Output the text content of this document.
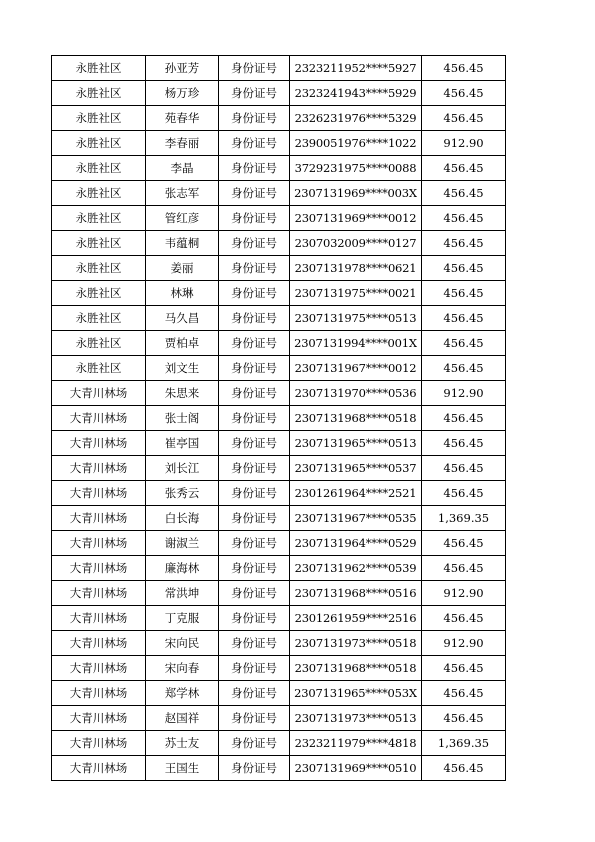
永胜社区	孙亚芳	身份证号	2323211952****5927	456.45
永胜社区	杨万珍	身份证号	2323241943****5929	456.45
永胜社区	苑春华	身份证号	2326231976****5329	456.45
永胜社区	李春丽	身份证号	2390051976****1022	912.90
永胜社区	李晶	身份证号	3729231975****0088	456.45
永胜社区	张志军	身份证号	2307131969****003X	456.45
永胜社区	管红彦	身份证号	2307131969****0012	456.45
永胜社区	韦蕴桐	身份证号	2307032009****0127	456.45
永胜社区	姜丽	身份证号	2307131978****0621	456.45
永胜社区	林琳	身份证号	2307131975****0021	456.45
永胜社区	马久昌	身份证号	2307131975****0513	456.45
永胜社区	贾柏卓	身份证号	2307131994****001X	456.45
永胜社区	刘文生	身份证号	2307131967****0012	456.45
大青川林场	朱思来	身份证号	2307131970****0536	912.90
大青川林场	张士阁	身份证号	2307131968****0518	456.45
大青川林场	崔亭国	身份证号	2307131965****0513	456.45
大青川林场	刘长江	身份证号	2307131965****0537	456.45
大青川林场	张秀云	身份证号	2301261964****2521	456.45
大青川林场	白长海	身份证号	2307131967****0535	1,369.35
大青川林场	谢淑兰	身份证号	2307131964****0529	456.45
大青川林场	廉海林	身份证号	2307131962****0539	456.45
大青川林场	常洪坤	身份证号	2307131968****0516	912.90
大青川林场	丁克服	身份证号	2301261959****2516	456.45
大青川林场	宋向民	身份证号	2307131973****0518	912.90
大青川林场	宋向春	身份证号	2307131968****0518	456.45
大青川林场	郑学林	身份证号	2307131965****053X	456.45
大青川林场	赵国祥	身份证号	2307131973****0513	456.45
大青川林场	苏士友	身份证号	2323211979****4818	1,369.35
大青川林场	王国生	身份证号	2307131969****0510	456.45
